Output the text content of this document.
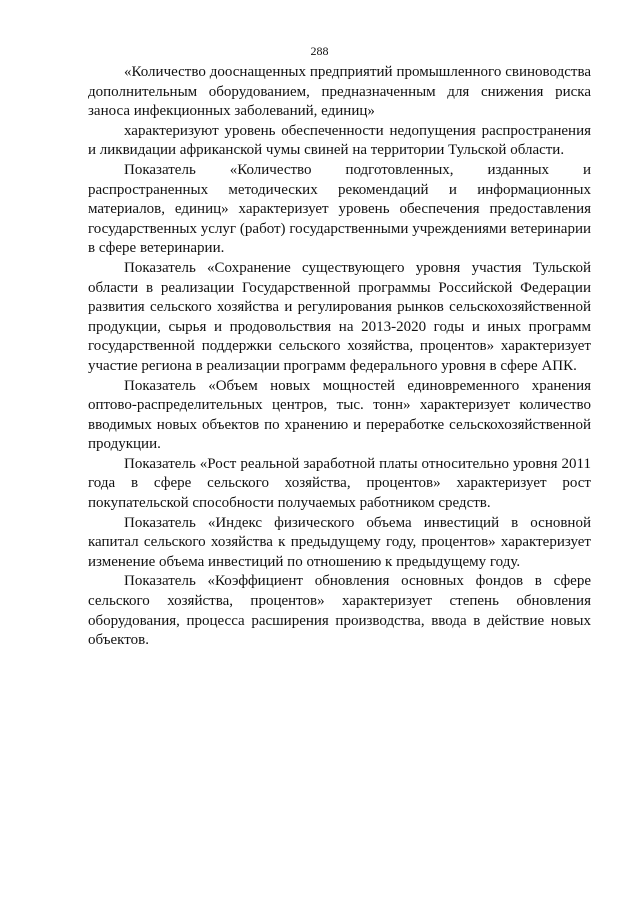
288

«Количество дооснащенных предприятий промышленного свиноводства дополнительным оборудованием, предназначенным для снижения риска заноса инфекционных заболеваний, единиц»

характеризуют уровень обеспеченности недопущения распространения и ликвидации африканской чумы свиней на территории Тульской области.

Показатель «Количество подготовленных, изданных и распространенных методических рекомендаций и информационных материалов, единиц» характеризует уровень обеспечения предоставления государственных услуг (работ) государственными учреждениями ветеринарии в сфере ветеринарии.

Показатель «Сохранение существующего уровня участия Тульской области в реализации Государственной программы Российской Федерации развития сельского хозяйства и регулирования рынков сельскохозяйственной продукции, сырья и продовольствия на 2013-2020 годы и иных программ государственной поддержки сельского хозяйства, процентов» характеризует участие региона в реализации программ федерального уровня в сфере АПК.

Показатель «Объем новых мощностей единовременного хранения оптово-распределительных центров, тыс. тонн» характеризует количество вводимых новых объектов по хранению и переработке сельскохозяйственной продукции.

Показатель «Рост реальной заработной платы относительно уровня 2011 года в сфере сельского хозяйства, процентов» характеризует рост покупательской способности получаемых работником средств.

Показатель «Индекс физического объема инвестиций в основной капитал сельского хозяйства к предыдущему году, процентов» характеризует изменение объема инвестиций по отношению к предыдущему году.

Показатель «Коэффициент обновления основных фондов в сфере сельского хозяйства, процентов» характеризует степень обновления оборудования, процесса расширения производства, ввода в действие новых объектов.
